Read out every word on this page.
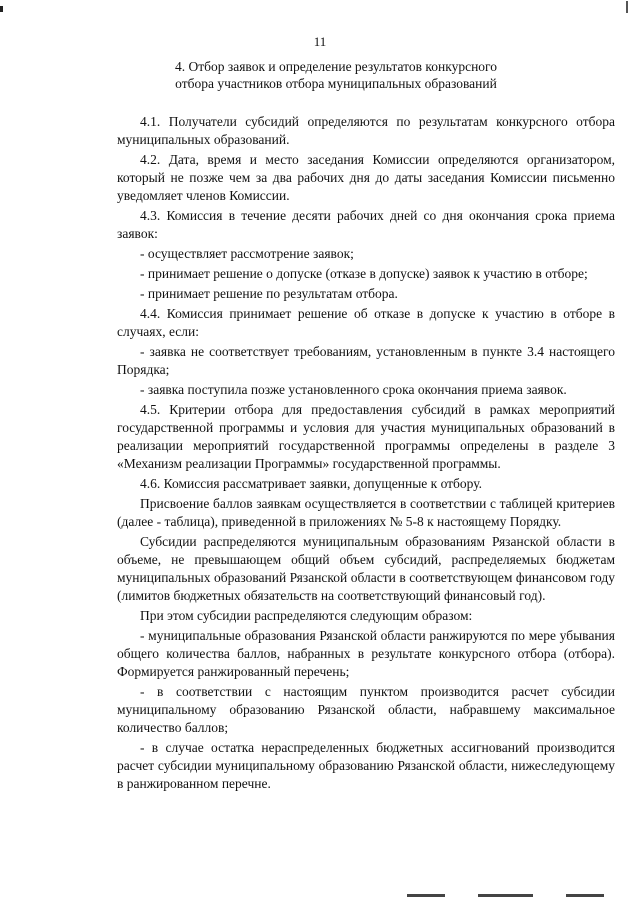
11
4. Отбор заявок и определение результатов конкурсного
отбора участников отбора муниципальных образований

4.1. Получатели субсидий определяются по результатам конкурсного отбора муниципальных образований.

4.2. Дата, время и место заседания Комиссии определяются организатором, который не позже чем за два рабочих дня до даты заседания Комиссии письменно уведомляет членов Комиссии.

4.3. Комиссия в течение десяти рабочих дней со дня окончания срока приема заявок:

- осуществляет рассмотрение заявок;

- принимает решение о допуске (отказе в допуске) заявок к участию в отборе;

- принимает решение по результатам отбора.

4.4. Комиссия принимает решение об отказе в допуске к участию в отборе в случаях, если:

- заявка не соответствует требованиям, установленным в пункте 3.4 настоящего Порядка;

- заявка поступила позже установленного срока окончания приема заявок.

4.5. Критерии отбора для предоставления субсидий в рамках мероприятий государственной программы и условия для участия муниципальных образований в реализации мероприятий государственной программы определены в разделе 3 «Механизм реализации Программы» государственной программы.

4.6. Комиссия рассматривает заявки, допущенные к отбору.

Присвоение баллов заявкам осуществляется в соответствии с таблицей критериев (далее - таблица), приведенной в приложениях № 5-8 к настоящему Порядку.

Субсидии распределяются муниципальным образованиям Рязанской области в объеме, не превышающем общий объем субсидий, распределяемых бюджетам муниципальных образований Рязанской области в соответствующем финансовом году (лимитов бюджетных обязательств на соответствующий финансовый год).

При этом субсидии распределяются следующим образом:

- муниципальные образования Рязанской области ранжируются по мере убывания общего количества баллов, набранных в результате конкурсного отбора (отбора). Формируется ранжированный перечень;

- в соответствии с настоящим пунктом производится расчет субсидии муниципальному образованию Рязанской области, набравшему максимальное количество баллов;

- в случае остатка нераспределенных бюджетных ассигнований производится расчет субсидии муниципальному образованию Рязанской области, нижеследующему в ранжированном перечне.
